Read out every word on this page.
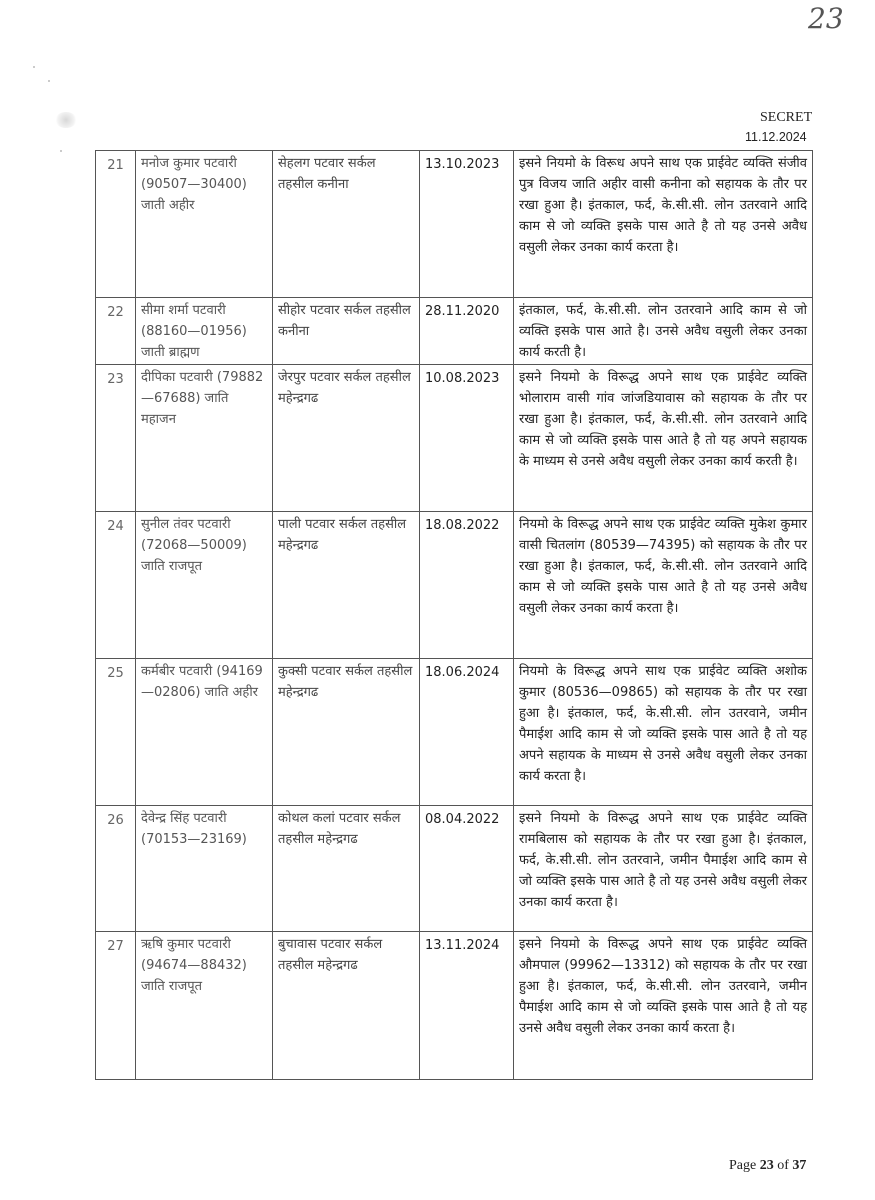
23
SECRET
11.12.2024
21	मनोज कुमार पटवारी (90507—30400) जाती अहीर	सेहलग पटवार सर्कल तहसील कनीना	13.10.2023	इसने नियमो के विरूध अपने साथ एक प्राईवेट व्यक्ति संजीव पुत्र विजय जाति अहीर वासी कनीना को सहायक के तौर पर रखा हुआ है। इंतकाल, फर्द, के.सी.सी. लोन उतरवाने आदि काम से जो व्यक्ति इसके पास आते है तो यह उनसे अवैध वसुली लेकर उनका कार्य करता है।
22	सीमा शर्मा पटवारी (88160—01956) जाती ब्राह्मण	सीहोर पटवार सर्कल तहसील कनीना	28.11.2020	इंतकाल, फर्द, के.सी.सी. लोन उतरवाने आदि काम से जो व्यक्ति इसके पास आते है। उनसे अवैध वसुली लेकर उनका कार्य करती है।
23	दीपिका पटवारी (79882—67688) जाति महाजन	जेरपुर पटवार सर्कल तहसील महेन्द्रगढ	10.08.2023	इसने नियमो के विरूद्ध अपने साथ एक प्राईवेट व्यक्ति भोलाराम वासी गांव जांजडियावास को सहायक के तौर पर रखा हुआ है। इंतकाल, फर्द, के.सी.सी. लोन उतरवाने आदि काम से जो व्यक्ति इसके पास आते है तो यह अपने सहायक के माध्यम से उनसे अवैध वसुली लेकर उनका कार्य करती है।
24	सुनील तंवर पटवारी (72068—50009) जाति राजपूत	पाली पटवार सर्कल तहसील महेन्द्रगढ	18.08.2022	नियमो के विरूद्ध अपने साथ एक प्राईवेट व्यक्ति मुकेश कुमार वासी चितलांग (80539—74395) को सहायक के तौर पर रखा हुआ है। इंतकाल, फर्द, के.सी.सी. लोन उतरवाने आदि काम से जो व्यक्ति इसके पास आते है तो यह उनसे अवैध वसुली लेकर उनका कार्य करता है।
25	कर्मबीर पटवारी (94169—02806) जाति अहीर	कुक्सी पटवार सर्कल तहसील महेन्द्रगढ	18.06.2024	नियमो के विरूद्ध अपने साथ एक प्राईवेट व्यक्ति अशोक कुमार (80536—09865) को सहायक के तौर पर रखा हुआ है। इंतकाल, फर्द, के.सी.सी. लोन उतरवाने, जमीन पैमाईश आदि काम से जो व्यक्ति इसके पास आते है तो यह अपने सहायक के माध्यम से उनसे अवैध वसुली लेकर उनका कार्य करता है।
26	देवेन्द्र सिंह पटवारी (70153—23169)	कोथल कलां पटवार सर्कल तहसील महेन्द्रगढ	08.04.2022	इसने नियमो के विरूद्ध अपने साथ एक प्राईवेट व्यक्ति रामबिलास को सहायक के तौर पर रखा हुआ है। इंतकाल, फर्द, के.सी.सी. लोन उतरवाने, जमीन पैमाईश आदि काम से जो व्यक्ति इसके पास आते है तो यह उनसे अवैध वसुली लेकर उनका कार्य करता है।
27	ऋषि कुमार पटवारी (94674—88432) जाति राजपूत	बुचावास पटवार सर्कल तहसील महेन्द्रगढ	13.11.2024	इसने नियमो के विरूद्ध अपने साथ एक प्राईवेट व्यक्ति औमपाल (99962—13312) को सहायक के तौर पर रखा हुआ है। इंतकाल, फर्द, के.सी.सी. लोन उतरवाने, जमीन पैमाईश आदि काम से जो व्यक्ति इसके पास आते है तो यह उनसे अवैध वसुली लेकर उनका कार्य करता है।
Page 23 of 37
